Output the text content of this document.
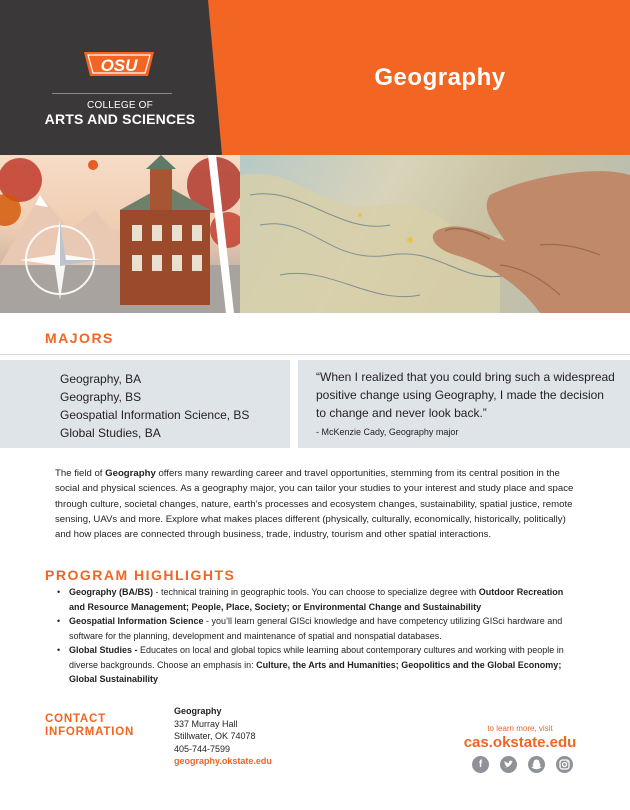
OSU
COLLEGE OF
ARTS AND SCIENCES
Geography
MAJORS
Geography, BA
Geography, BS
Geospatial Information Science, BS
Global Studies, BA
“When I realized that you could bring such a widespread positive change using Geography, I made the decision to change and never look back.”
- McKenzie Cady, Geography major
The field of Geography offers many rewarding career and travel opportunities, stemming from its central position in the social and physical sciences. As a geography major, you can tailor your studies to your interest and study place and space through culture, societal changes, nature, earth’s processes and ecosystem changes, sustainability, spatial justice, remote sensing, UAVs and more. Explore what makes places different (physically, culturally, economically, historically, politically) and how places are connected through business, trade, industry, tourism and other spatial interactions.
PROGRAM HIGHLIGHTS
• Geography (BA/BS) - technical training in geographic tools. You can choose to specialize degree with Outdoor Recreation and Resource Management; People, Place, Society; or Environmental Change and Sustainability
• Geospatial Information Science - you’ll learn general GISci knowledge and have competency utilizing GISci hardware and software for the planning, development and maintenance of spatial and nonspatial databases.
• Global Studies - Educates on local and global topics while learning about contemporary cultures and working with people in diverse backgrounds. Choose an emphasis in: Culture, the Arts and Humanities; Geopolitics and the Global Economy; Global Sustainability
CONTACT
INFORMATION
Geography
337 Murray Hall
Stillwater, OK 74078
405-744-7599
geography.okstate.edu
to learn more, visit
cas.okstate.edu
f
